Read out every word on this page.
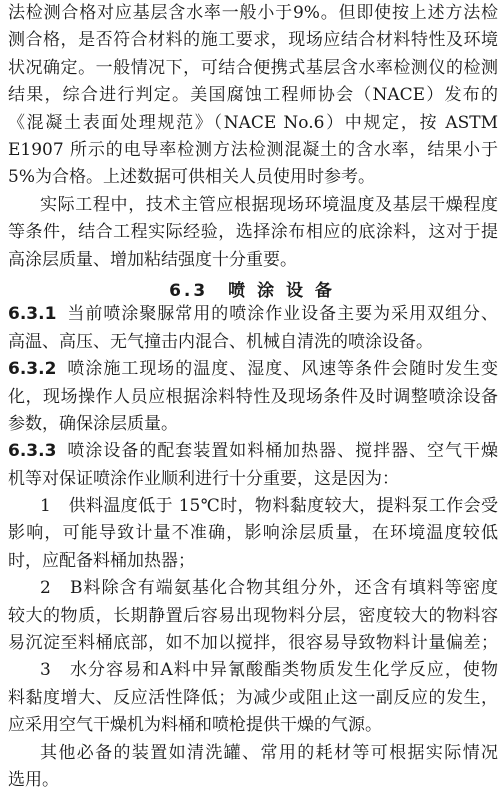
法检测合格对应基层含水率一般小于9%。但即使按上述方法检
测合格，是否符合材料的施工要求，现场应结合材料特性及环境
状况确定。一般情况下，可结合便携式基层含水率检测仪的检测
结果，综合进行判定。美国腐蚀工程师协会（NACE）发布的
《混凝土表面处理规范》（NACE No.6）中规定，按 ASTM
E1907 所示的电导率检测方法检测混凝土的含水率，结果小于
5%为合格。上述数据可供相关人员使用时参考。
实际工程中，技术主管应根据现场环境温度及基层干燥程度
等条件，结合工程实际经验，选择涂布相应的底涂料，这对于提
高涂层质量、增加粘结强度十分重要。
6.3　喷 涂 设 备
6.3.1 当前喷涂聚脲常用的喷涂作业设备主要为采用双组分、
高温、高压、无气撞击内混合、机械自清洗的喷涂设备。
6.3.2 喷涂施工现场的温度、湿度、风速等条件会随时发生变
化，现场操作人员应根据涂料特性及现场条件及时调整喷涂设备
参数，确保涂层质量。
6.3.3 喷涂设备的配套装置如料桶加热器、搅拌器、空气干燥
机等对保证喷涂作业顺利进行十分重要，这是因为：
1　供料温度低于 15℃时，物料黏度较大，提料泵工作会受
影响，可能导致计量不准确，影响涂层质量，在环境温度较低
时，应配备料桶加热器；
2　B料除含有端氨基化合物其组分外，还含有填料等密度
较大的物质，长期静置后容易出现物料分层，密度较大的物料容
易沉淀至料桶底部，如不加以搅拌，很容易导致物料计量偏差；
3　水分容易和A料中异氰酸酯类物质发生化学反应，使物
料黏度增大、反应活性降低；为减少或阻止这一副反应的发生，
应采用空气干燥机为料桶和喷枪提供干燥的气源。
其他必备的装置如清洗罐、常用的耗材等可根据实际情况
选用。
